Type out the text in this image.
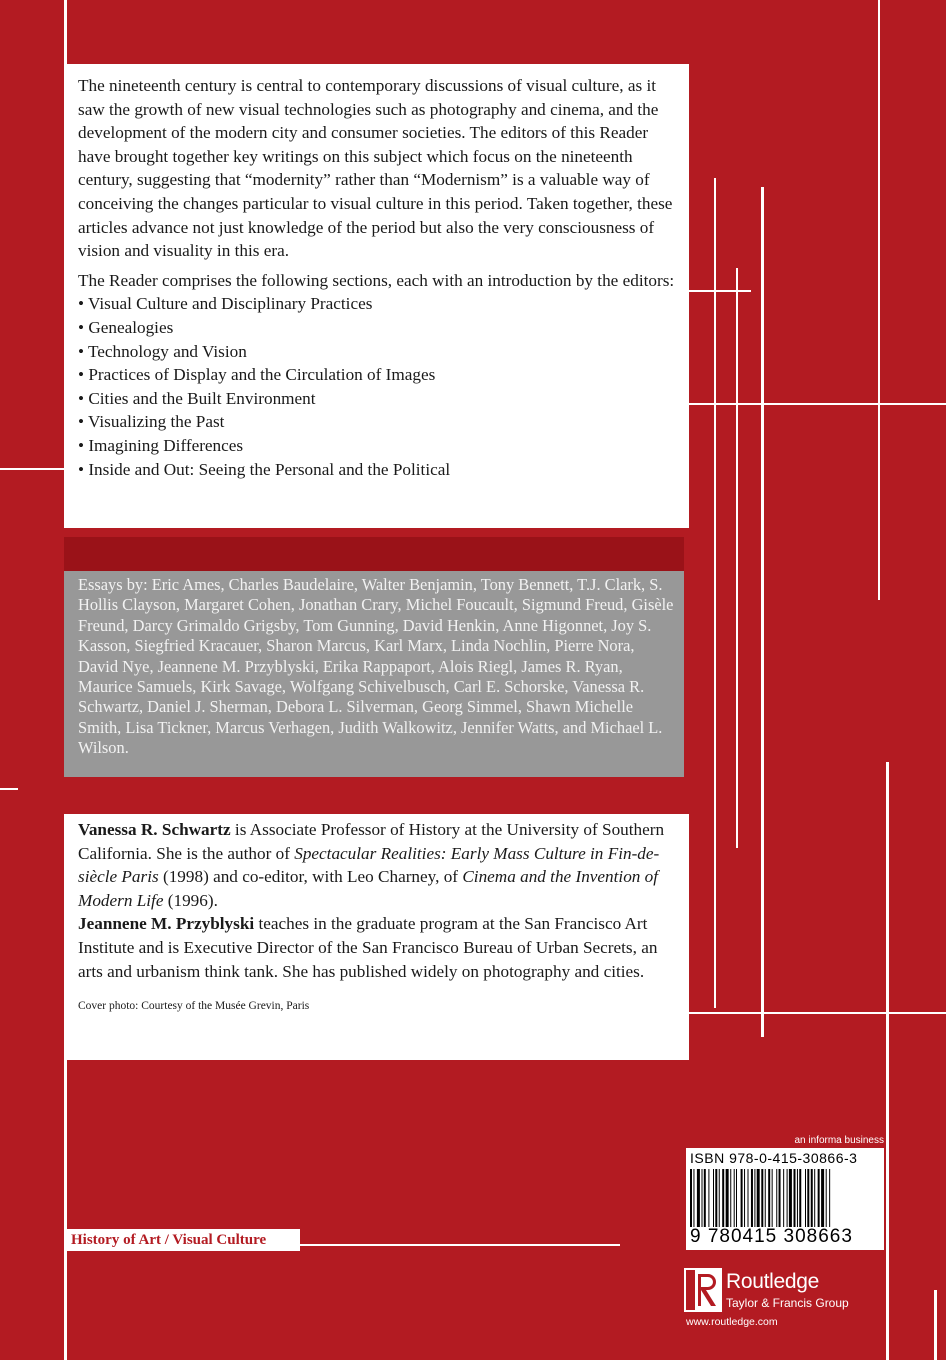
The nineteenth century is central to contemporary discussions of visual culture, as it saw the growth of new visual technologies such as photography and cinema, and the development of the modern city and consumer societies. The editors of this Reader have brought together key writings on this subject which focus on the nineteenth century, suggesting that “modernity” rather than “Modernism” is a valuable way of conceiving the changes particular to visual culture in this period. Taken together, these articles advance not just knowledge of the period but also the very consciousness of vision and visuality in this era.

The Reader comprises the following sections, each with an introduction by the editors:

• Visual Culture and Disciplinary Practices
• Genealogies
• Technology and Vision
• Practices of Display and the Circulation of Images
• Cities and the Built Environment
• Visualizing the Past
• Imagining Differences
• Inside and Out: Seeing the Personal and the Political
Essays by: Eric Ames, Charles Baudelaire, Walter Benjamin, Tony Bennett, T.J. Clark, S. Hollis Clayson, Margaret Cohen, Jonathan Crary, Michel Foucault, Sigmund Freud, Gisèle Freund, Darcy Grimaldo Grigsby, Tom Gunning, David Henkin, Anne Higonnet, Joy S. Kasson, Siegfried Kracauer, Sharon Marcus, Karl Marx, Linda Nochlin, Pierre Nora, David Nye, Jeannene M. Przyblyski, Erika Rappaport, Alois Riegl, James R. Ryan, Maurice Samuels, Kirk Savage, Wolfgang Schivelbusch, Carl E. Schorske, Vanessa R. Schwartz, Daniel J. Sherman, Debora L. Silverman, Georg Simmel, Shawn Michelle Smith, Lisa Tickner, Marcus Verhagen, Judith Walkowitz, Jennifer Watts, and Michael L. Wilson.

Vanessa R. Schwartz is Associate Professor of History at the University of Southern California. She is the author of Spectacular Realities: Early Mass Culture in Fin-de-siècle Paris (1998) and co-editor, with Leo Charney, of Cinema and the Invention of Modern Life (1996).

Jeannene M. Przyblyski teaches in the graduate program at the San Francisco Art Institute and is Executive Director of the San Francisco Bureau of Urban Secrets, an arts and urbanism think tank. She has published widely on photography and cities.

Cover photo: Courtesy of the Musée Grevin, Paris

History of Art / Visual Culture
an informa business
ISBN 978-0-415-30866-3
9 780415 308663
Routledge
Taylor & Francis Group
www.routledge.com
